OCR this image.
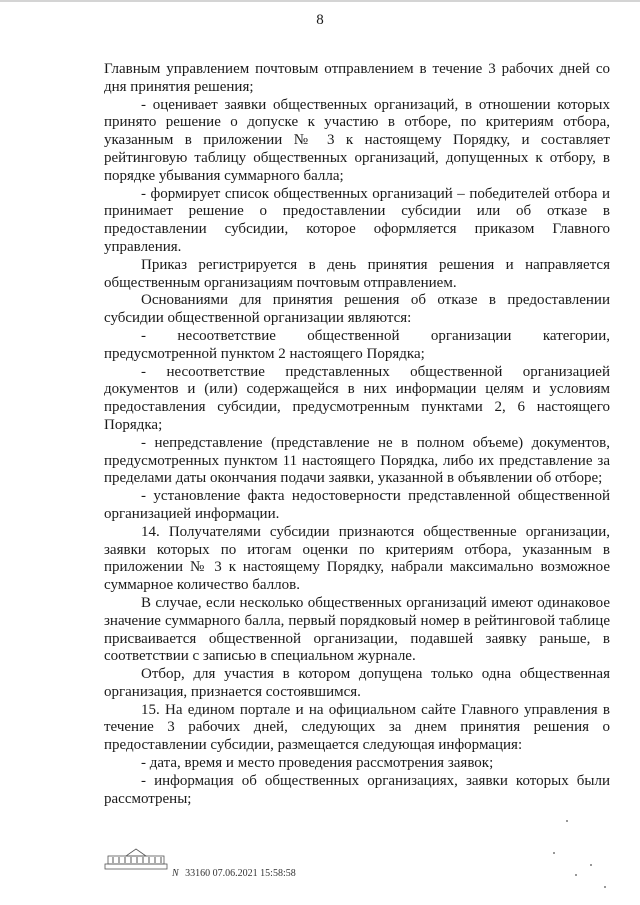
8

Главным управлением почтовым отправлением в течение 3 рабочих дней со дня принятия решения;

- оценивает заявки общественных организаций, в отношении которых принято решение о допуске к участию в отборе, по критериям отбора, указанным в приложении № 3 к настоящему Порядку, и составляет рейтинговую таблицу общественных организаций, допущенных к отбору, в порядке убывания суммарного балла;

- формирует список общественных организаций – победителей отбора и принимает решение о предоставлении субсидии или об отказе в предоставлении субсидии, которое оформляется приказом Главного управления.

Приказ регистрируется в день принятия решения и направляется общественным организациям почтовым отправлением.

Основаниями для принятия решения об отказе в предоставлении субсидии общественной организации являются:

- несоответствие общественной организации категории, предусмотренной пунктом 2 настоящего Порядка;

- несоответствие представленных общественной организацией документов и (или) содержащейся в них информации целям и условиям предоставления субсидии, предусмотренным пунктами 2, 6 настоящего Порядка;

- непредставление (представление не в полном объеме) документов, предусмотренных пунктом 11 настоящего Порядка, либо их представление за пределами даты окончания подачи заявки, указанной в объявлении об отборе;

- установление факта недостоверности представленной общественной организацией информации.

14. Получателями субсидии признаются общественные организации, заявки которых по итогам оценки по критериям отбора, указанным в приложении № 3 к настоящему Порядку, набрали максимально возможное суммарное количество баллов.

В случае, если несколько общественных организаций имеют одинаковое значение суммарного балла, первый порядковый номер в рейтинговой таблице присваивается общественной организации, подавшей заявку раньше, в соответствии с записью в специальном журнале.

Отбор, для участия в котором допущена только одна общественная организация, признается состоявшимся.

15. На едином портале и на официальном сайте Главного управления в течение 3 рабочих дней, следующих за днем принятия решения о предоставлении субсидии, размещается следующая информация:

- дата, время и место проведения рассмотрения заявок;

- информация об общественных организациях, заявки которых были рассмотрены;

N 33160 07.06.2021 15:58:58
